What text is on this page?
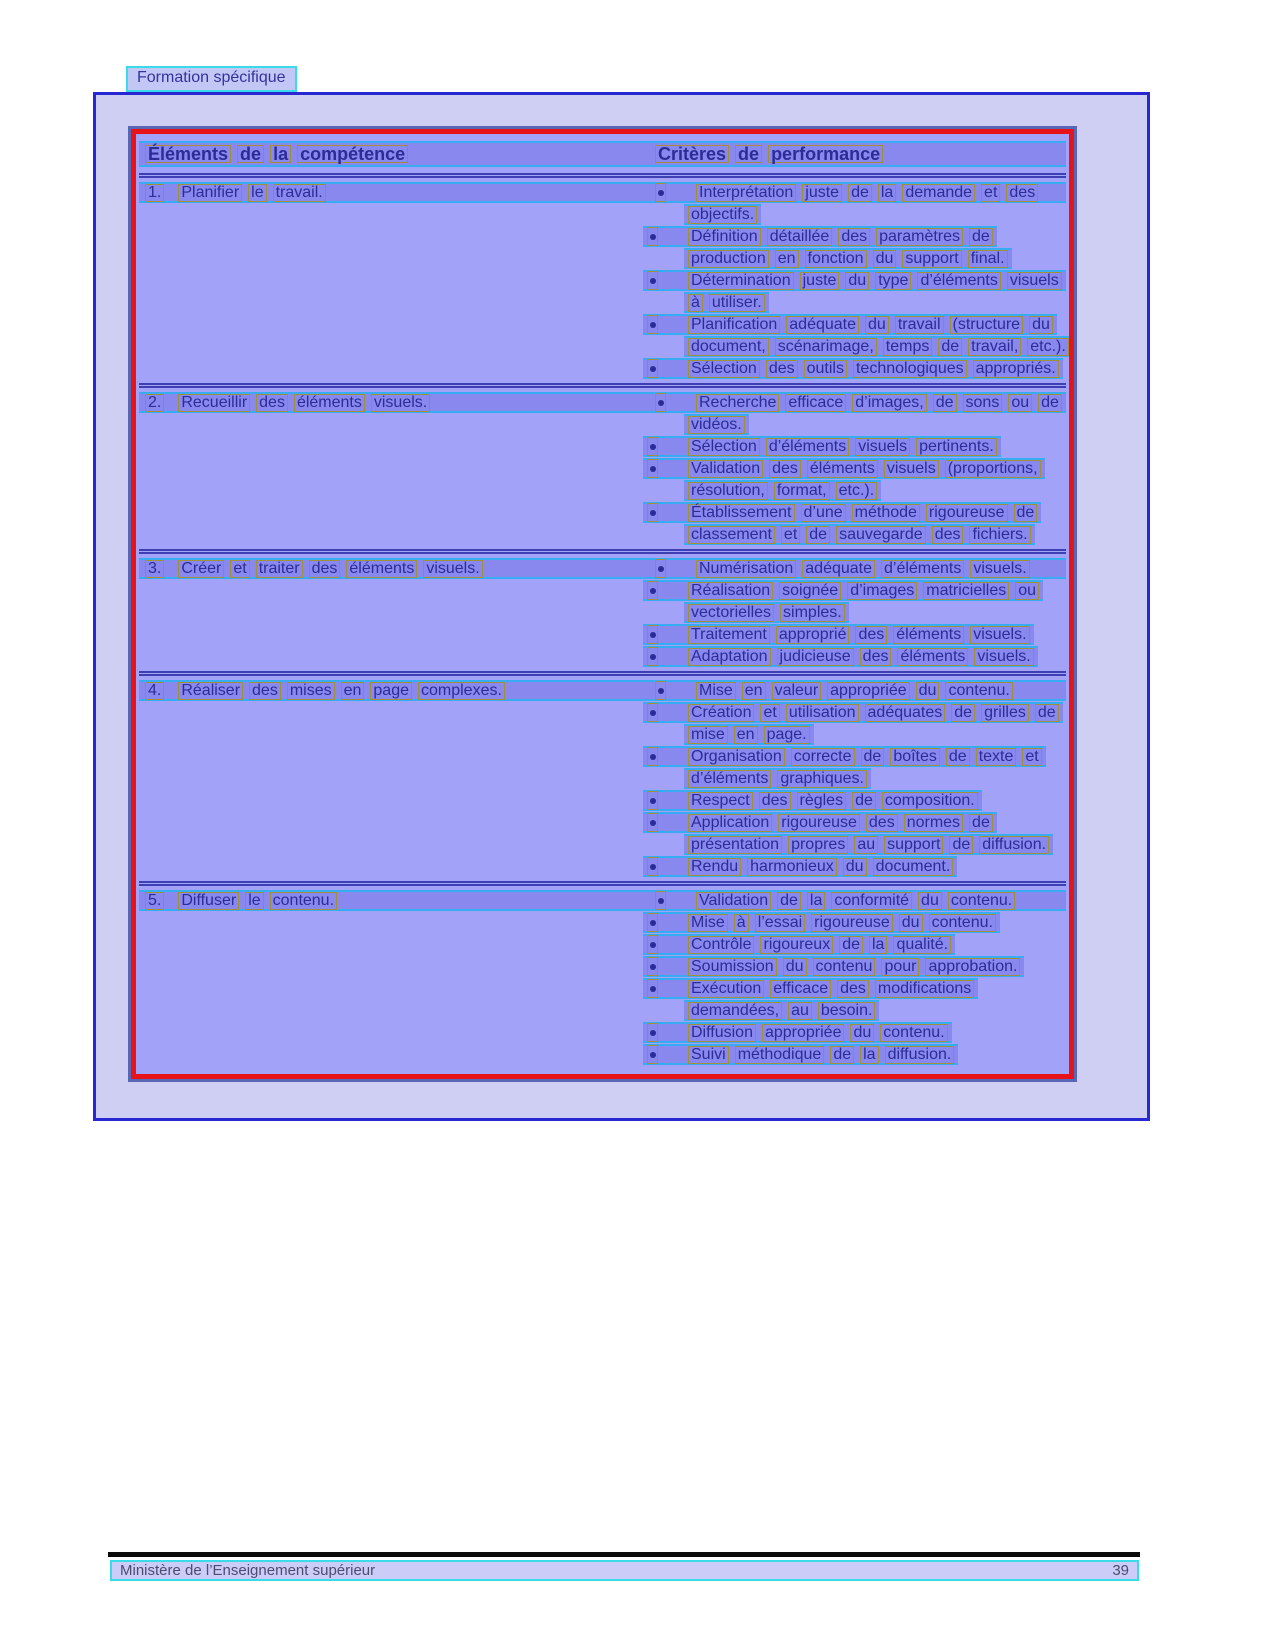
Formation spécifique
Éléments de la compétence	Critères de performance
1. Planifier le travail.	Interprétation juste de la demande et des
objectifs.
Définition détaillée des paramètres de
production en fonction du support final.
Détermination juste du type d’éléments visuels
à utiliser.
Planification adéquate du travail (structure du
document, scénarimage, temps de travail, etc.).
Sélection des outils technologiques appropriés.
2. Recueillir des éléments visuels.	Recherche efficace d’images, de sons ou de
vidéos.
Sélection d’éléments visuels pertinents.
Validation des éléments visuels (proportions,
résolution, format, etc.).
Établissement d’une méthode rigoureuse de
classement et de sauvegarde des fichiers.
3. Créer et traiter des éléments visuels.	Numérisation adéquate d’éléments visuels.
Réalisation soignée d’images matricielles ou
vectorielles simples.
Traitement approprié des éléments visuels.
Adaptation judicieuse des éléments visuels.
4. Réaliser des mises en page complexes.	Mise en valeur appropriée du contenu.
Création et utilisation adéquates de grilles de
mise en page.
Organisation correcte de boîtes de texte et
d’éléments graphiques.
Respect des règles de composition.
Application rigoureuse des normes de
présentation propres au support de diffusion.
Rendu harmonieux du document.
5. Diffuser le contenu.	Validation de la conformité du contenu.
Mise à l’essai rigoureuse du contenu.
Contrôle rigoureux de la qualité.
Soumission du contenu pour approbation.
Exécution efficace des modifications
demandées, au besoin.
Diffusion appropriée du contenu.
Suivi méthodique de la diffusion.
Ministère de l’Enseignement supérieur	39
